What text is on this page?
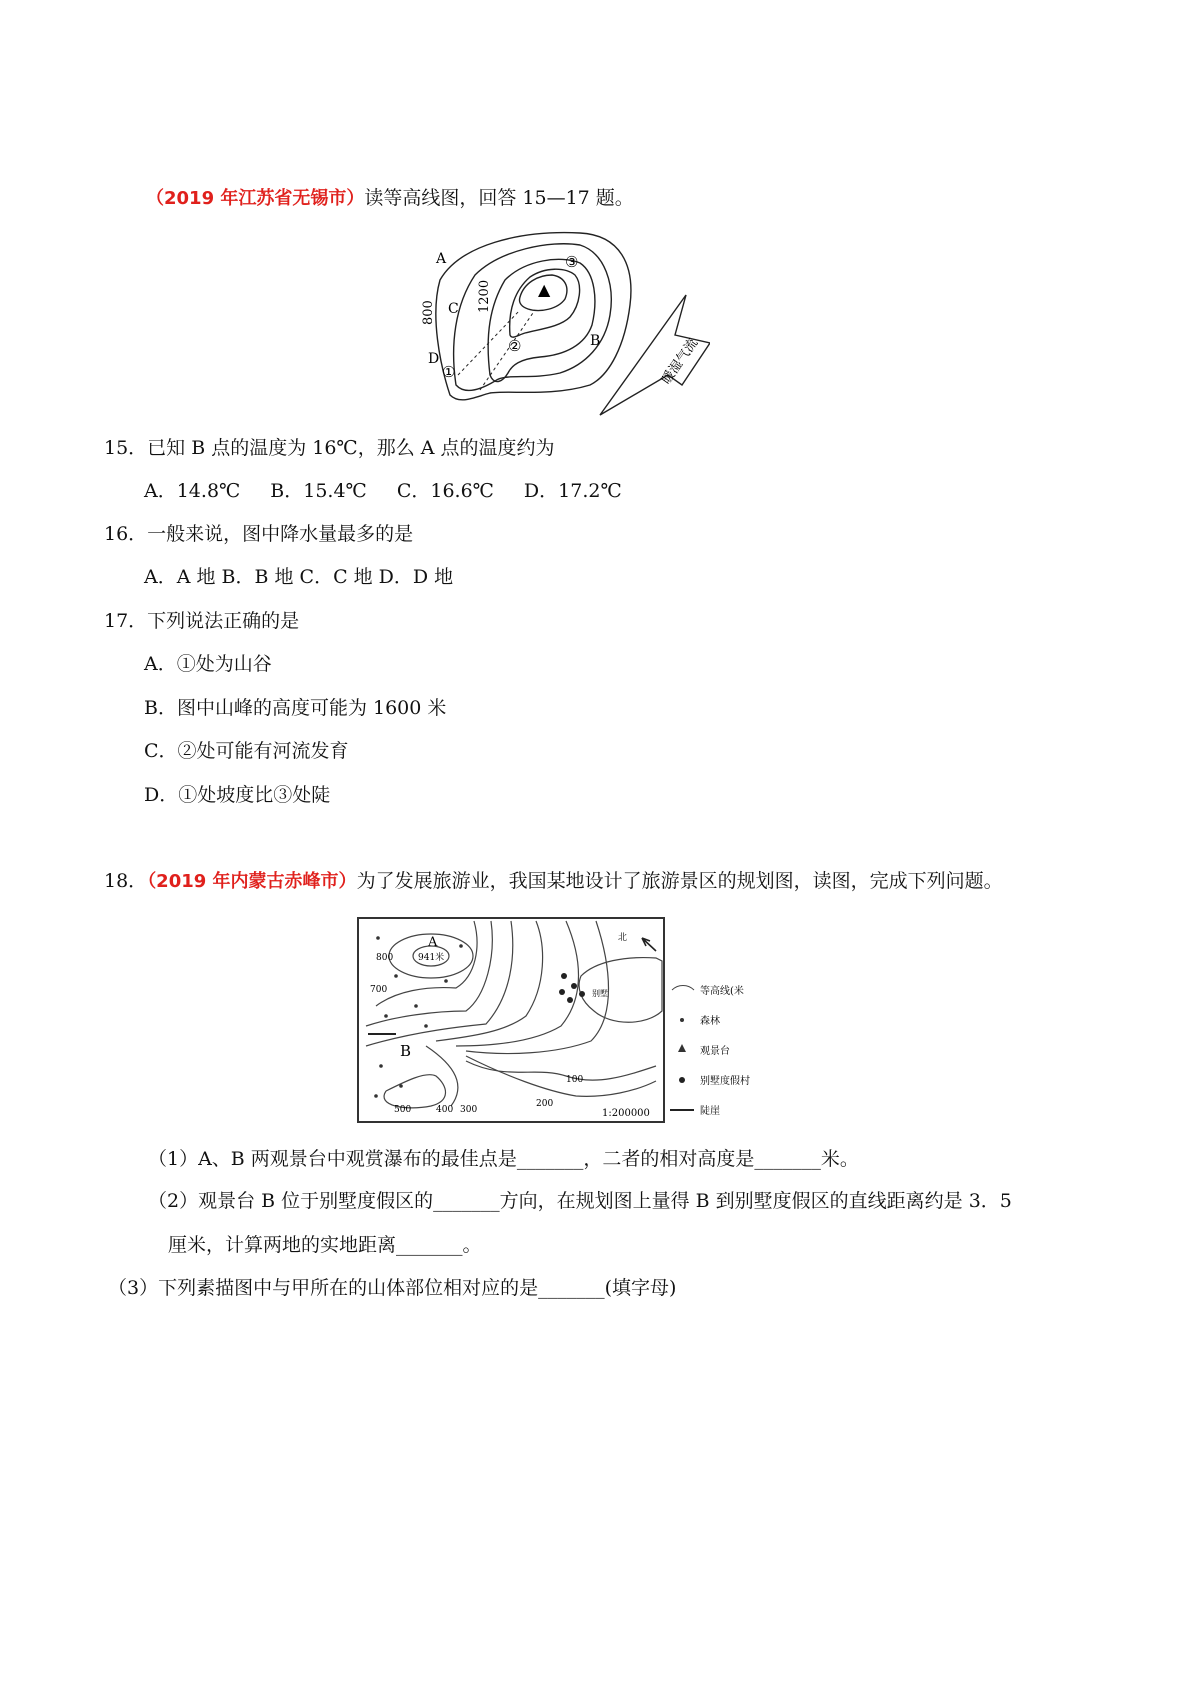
（2019 年江苏省无锡市）读等高线图，回答 15—17 题。
暖湿气流
▲
A
B
C
D
800	1200
①
②
③
15．已知 B 点的温度为 16℃，那么 A 点的温度约为
A．14.8℃ B．15.4℃ C．16.6℃ D．17.2℃
16．一般来说，图中降水量最多的是
A．A 地 B．B 地 C．C 地 D．D 地
17．下列说法正确的是
A．①处为山谷
B．图中山峰的高度可能为 1600 米
C．②处可能有河流发育
D．①处坡度比③处陡
18．（2019 年内蒙古赤峰市）为了发展旅游业，我国某地设计了旅游景区的规划图，读图，完成下列问题。
北
800
700
941米
A
B
500	400 300
200
100
别墅
1:200000
等高线(米
森林
观景台
别墅度假村
陡崖
（1）A、B 两观景台中观赏瀑布的最佳点是_______，二者的相对高度是_______米。
（2）观景台 B 位于别墅度假区的_______方向，在规划图上量得 B 到别墅度假区的直线距离约是 3．5
厘米，计算两地的实地距离_______。
（3）下列素描图中与甲所在的山体部位相对应的是_______(填字母)
